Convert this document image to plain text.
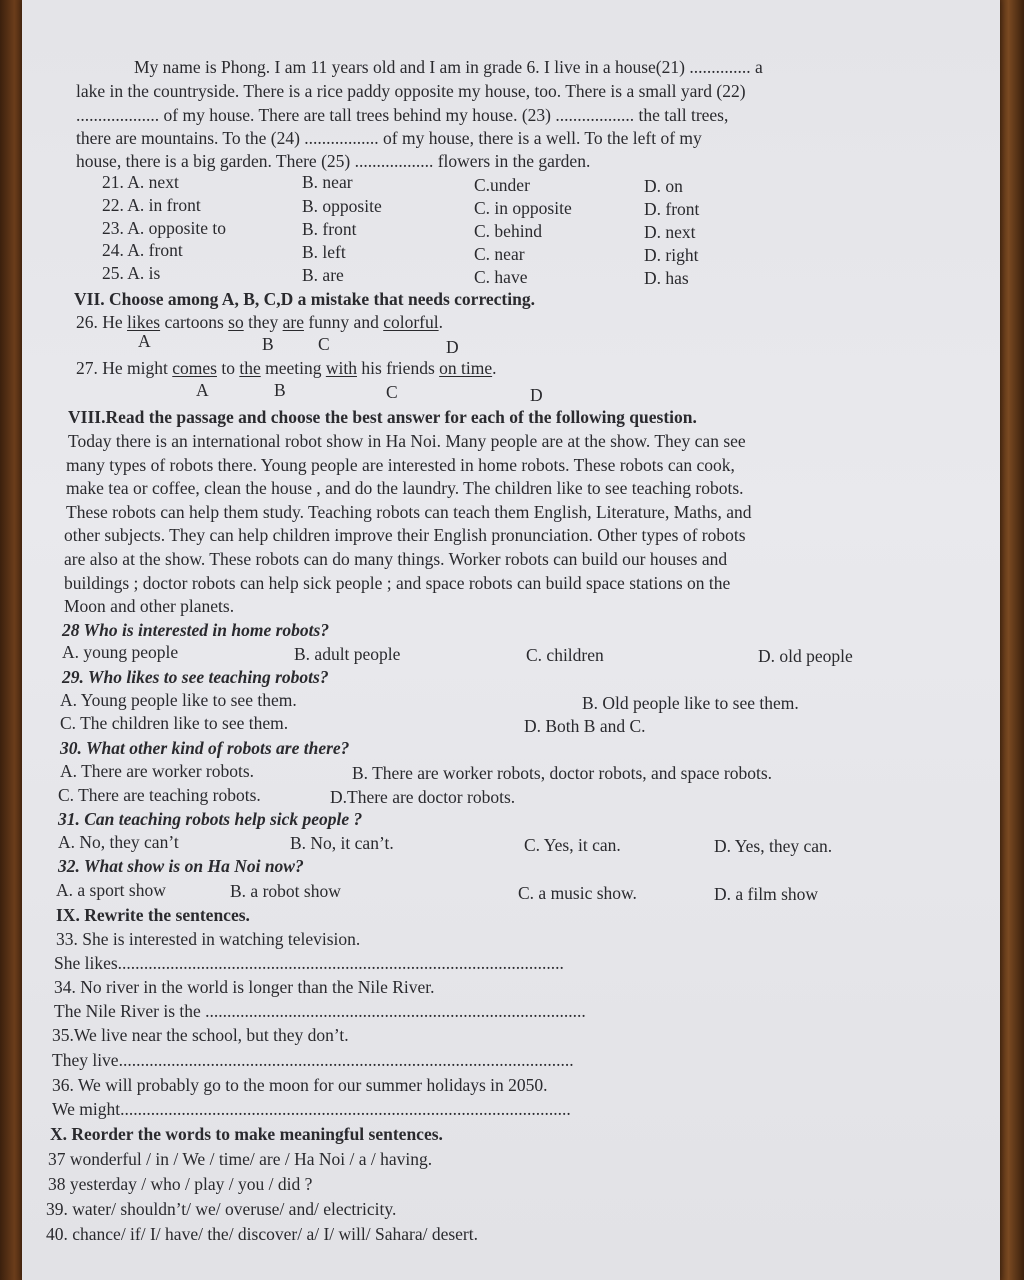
My name is Phong. I am 11 years old and I am in grade 6. I live in a house(21) .............. a
lake in the countryside. There is a rice paddy opposite my house, too. There is a small yard (22)
................... of my house. There are tall trees behind my house. (23) .................. the tall trees,
there are mountains. To the (24) ................. of my house, there is a well. To the left of my
house, there is a big garden. There (25) .................. flowers in the garden.
21. A. next	B. near	C.under	D. on
22. A. in front	B. opposite	C. in opposite	D. front
23. A. opposite to	B. front	C. behind	D. next
24. A. front	B. left	C. near	D. right
25. A. is	B. are	C. have	D. has
VII. Choose among A, B, C,D a mistake that needs correcting.
26. He likes cartoons so they are funny and colorful.
A	B	C	D
27. He might comes to the meeting with his friends on time.
A	B	C	D
VIII.Read the passage and choose the best answer for each of the following question.
Today there is an international robot show in Ha Noi. Many people are at the show. They can see
many types of robots there. Young people are interested in home robots. These robots can cook,
make tea or coffee, clean the house , and do the laundry. The children like to see teaching robots.
These robots can help them study. Teaching robots can teach them English, Literature, Maths, and
other subjects. They can help children improve their English pronunciation. Other types of robots
are also at the show. These robots can do many things. Worker robots can build our houses and
buildings ; doctor robots can help sick people ; and space robots can build space stations on the
Moon and other planets.
28 Who is interested in home robots?
A. young people	B. adult people	C. children	D. old people
29. Who likes to see teaching robots?
A. Young people like to see them.	B. Old people like to see them.
C. The children like to see them.	D. Both B and C.
30. What other kind of robots are there?
A. There are worker robots.	B. There are worker robots, doctor robots, and space robots.
C. There are teaching robots.	D.There are doctor robots.
31. Can teaching robots help sick people ?
A. No, they can’t	B. No, it can’t.	C. Yes, it can.	D. Yes, they can.
32. What show is on Ha Noi now?
A. a sport show	B. a robot show	C. a music show.	D. a film show
IX. Rewrite the sentences.
33. She is interested in watching television.
She likes......................................................................................................
34. No river in the world is longer than the Nile River.
The Nile River is the .......................................................................................
35.We live near the school, but they don’t.
They live........................................................................................................
36. We will probably go to the moon for our summer holidays in 2050.
We might.......................................................................................................
X. Reorder the words to make meaningful sentences.
37 wonderful / in / We / time/ are / Ha Noi / a / having.
38 yesterday / who / play / you / did ?
39. water/ shouldn’t/ we/ overuse/ and/ electricity.
40. chance/ if/ I/ have/ the/ discover/ a/ I/ will/ Sahara/ desert.
